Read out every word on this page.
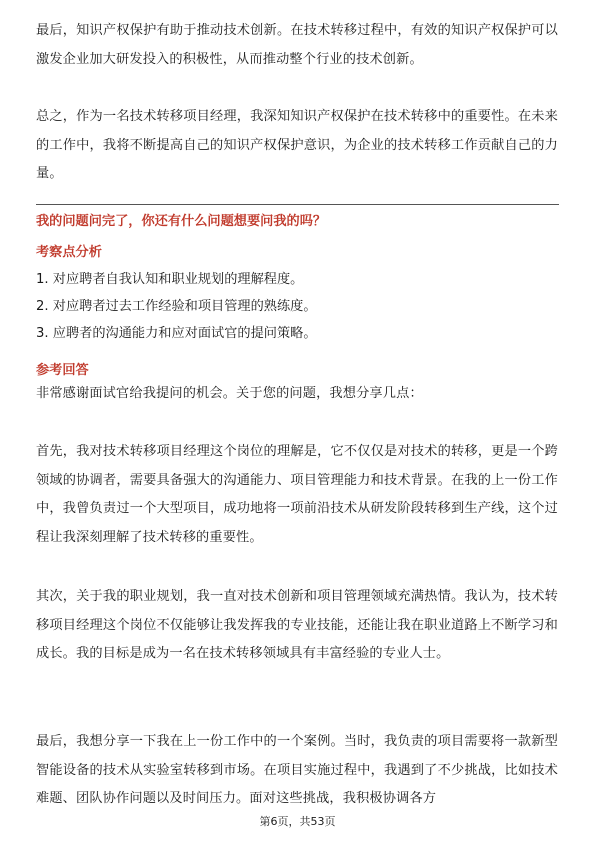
最后，知识产权保护有助于推动技术创新。在技术转移过程中，有效的知识产权保护可以激发企业加大研发投入的积极性，从而推动整个行业的技术创新。

总之，作为一名技术转移项目经理，我深知知识产权保护在技术转移中的重要性。在未来的工作中，我将不断提高自己的知识产权保护意识，为企业的技术转移工作贡献自己的力量。

我的问题问完了，你还有什么问题想要问我的吗？

考察点分析

1. 对应聘者自我认知和职业规划的理解程度。

2. 对应聘者过去工作经验和项目管理的熟练度。

3. 应聘者的沟通能力和应对面试官的提问策略。

参考回答

非常感谢面试官给我提问的机会。关于您的问题，我想分享几点：

首先，我对技术转移项目经理这个岗位的理解是，它不仅仅是对技术的转移，更是一个跨领域的协调者，需要具备强大的沟通能力、项目管理能力和技术背景。在我的上一份工作中，我曾负责过一个大型项目，成功地将一项前沿技术从研发阶段转移到生产线，这个过程让我深刻理解了技术转移的重要性。

其次，关于我的职业规划，我一直对技术创新和项目管理领域充满热情。我认为，技术转移项目经理这个岗位不仅能够让我发挥我的专业技能，还能让我在职业道路上不断学习和成长。我的目标是成为一名在技术转移领域具有丰富经验的专业人士。

最后，我想分享一下我在上一份工作中的一个案例。当时，我负责的项目需要将一款新型智能设备的技术从实验室转移到市场。在项目实施过程中，我遇到了不少挑战，比如技术难题、团队协作问题以及时间压力。面对这些挑战，我积极协调各方

第6页，共53页
